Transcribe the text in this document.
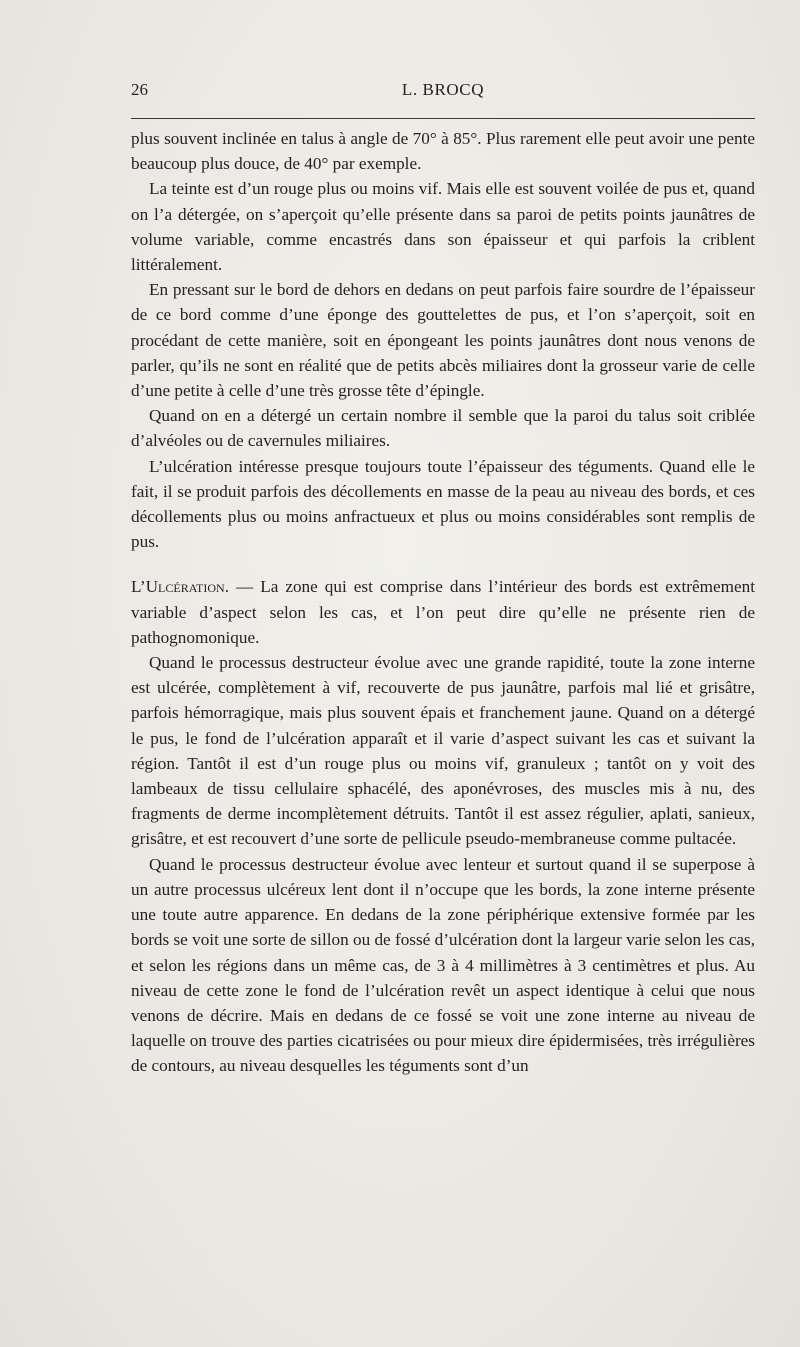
26	L. BROCQ

plus souvent inclinée en talus à angle de 70° à 85°. Plus rarement elle peut avoir une pente beaucoup plus douce, de 40° par exemple.

La teinte est d’un rouge plus ou moins vif. Mais elle est souvent voilée de pus et, quand on l’a détergée, on s’aperçoit qu’elle présente dans sa paroi de petits points jaunâtres de volume variable, comme encastrés dans son épaisseur et qui parfois la criblent littéralement.

En pressant sur le bord de dehors en dedans on peut parfois faire sourdre de l’épaisseur de ce bord comme d’une éponge des gouttelettes de pus, et l’on s’aperçoit, soit en procédant de cette manière, soit en épongeant les points jaunâtres dont nous venons de parler, qu’ils ne sont en réalité que de petits abcès miliaires dont la grosseur varie de celle d’une petite à celle d’une très grosse tête d’épingle.

Quand on en a détergé un certain nombre il semble que la paroi du talus soit criblée d’alvéoles ou de cavernules miliaires.

L’ulcération intéresse presque toujours toute l’épaisseur des téguments. Quand elle le fait, il se produit parfois des décollements en masse de la peau au niveau des bords, et ces décollements plus ou moins anfractueux et plus ou moins considérables sont remplis de pus.

L’Ulcération. — La zone qui est comprise dans l’intérieur des bords est extrêmement variable d’aspect selon les cas, et l’on peut dire qu’elle ne présente rien de pathognomonique.

Quand le processus destructeur évolue avec une grande rapidité, toute la zone interne est ulcérée, complètement à vif, recouverte de pus jaunâtre, parfois mal lié et grisâtre, parfois hémorragique, mais plus souvent épais et franchement jaune. Quand on a détergé le pus, le fond de l’ulcération apparaît et il varie d’aspect suivant les cas et suivant la région. Tantôt il est d’un rouge plus ou moins vif, granuleux ; tantôt on y voit des lambeaux de tissu cellulaire sphacélé, des aponévroses, des muscles mis à nu, des fragments de derme incomplètement détruits. Tantôt il est assez régulier, aplati, sanieux, grisâtre, et est recouvert d’une sorte de pellicule pseudo-membraneuse comme pultacée.

Quand le processus destructeur évolue avec lenteur et surtout quand il se superpose à un autre processus ulcéreux lent dont il n’occupe que les bords, la zone interne présente une toute autre apparence. En dedans de la zone périphérique extensive formée par les bords se voit une sorte de sillon ou de fossé d’ulcération dont la largeur varie selon les cas, et selon les régions dans un même cas, de 3 à 4 millimètres à 3 centimètres et plus. Au niveau de cette zone le fond de l’ulcération revêt un aspect identique à celui que nous venons de décrire. Mais en dedans de ce fossé se voit une zone interne au niveau de laquelle on trouve des parties cicatrisées ou pour mieux dire épidermisées, très irrégulières de contours, au niveau desquelles les téguments sont d’un
